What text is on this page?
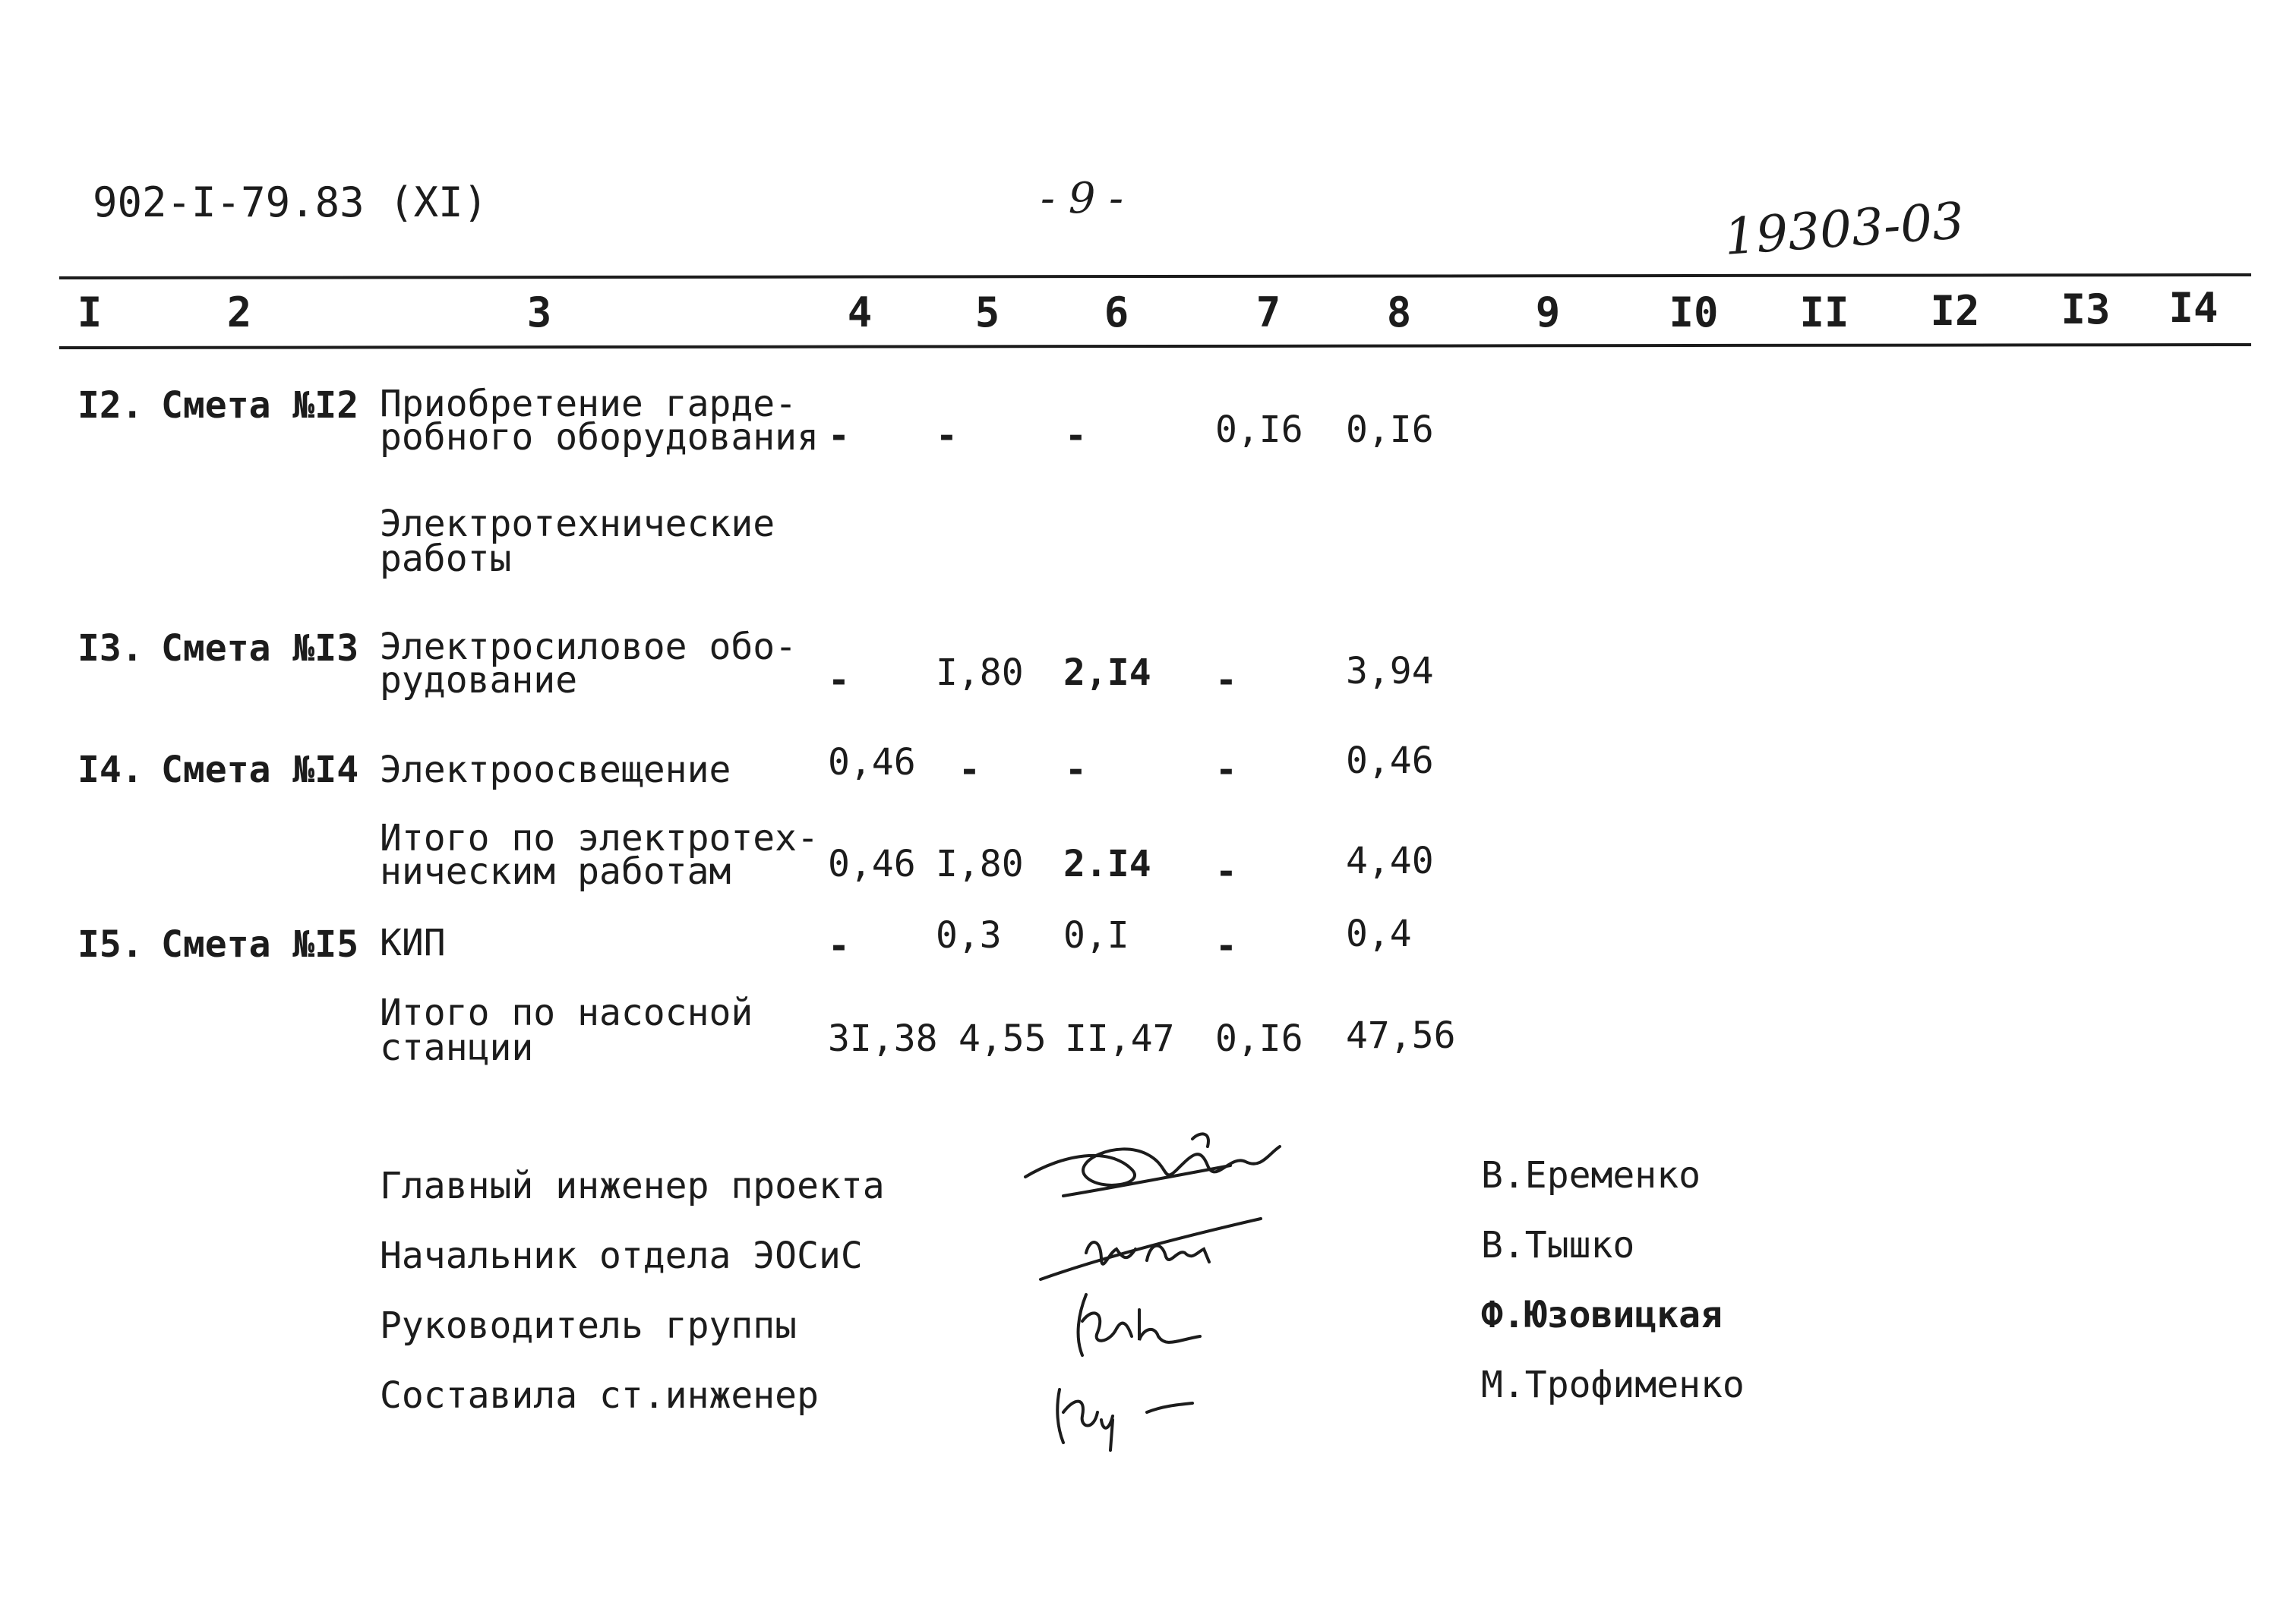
902-I-79.83 (XI)	- 9 -	19303-03
I	2	3	4	5	6	7	8	9	I0 II I2 I3 I4
I2. Смета №I2 Приобретение гарде-
робного оборудования - -	-	0,I6 0,I6
Электротехнические
работы
I3. Смета №I3 Электросиловое обо-
рудование	- I,80 2,I4 -	3,94
I4. Смета №I4 Электроосвещение	0,46 - -	-	0,46
Итого по электротех-
ническим работам	0,46 I,80 2.I4 -	4,40
I5. Смета №I5 КИП	- 0,3 0,I -	0,4
Итого по насосной
станции	3I,38 4,55 II,47 0,I6 47,56
Главный инженер проекта
Начальник отдела ЭОСиС
Руководитель группы
Составила ст.инженер
В.Еременко
В.Тышко
Ф.Юзовицкая
М.Трофименко
